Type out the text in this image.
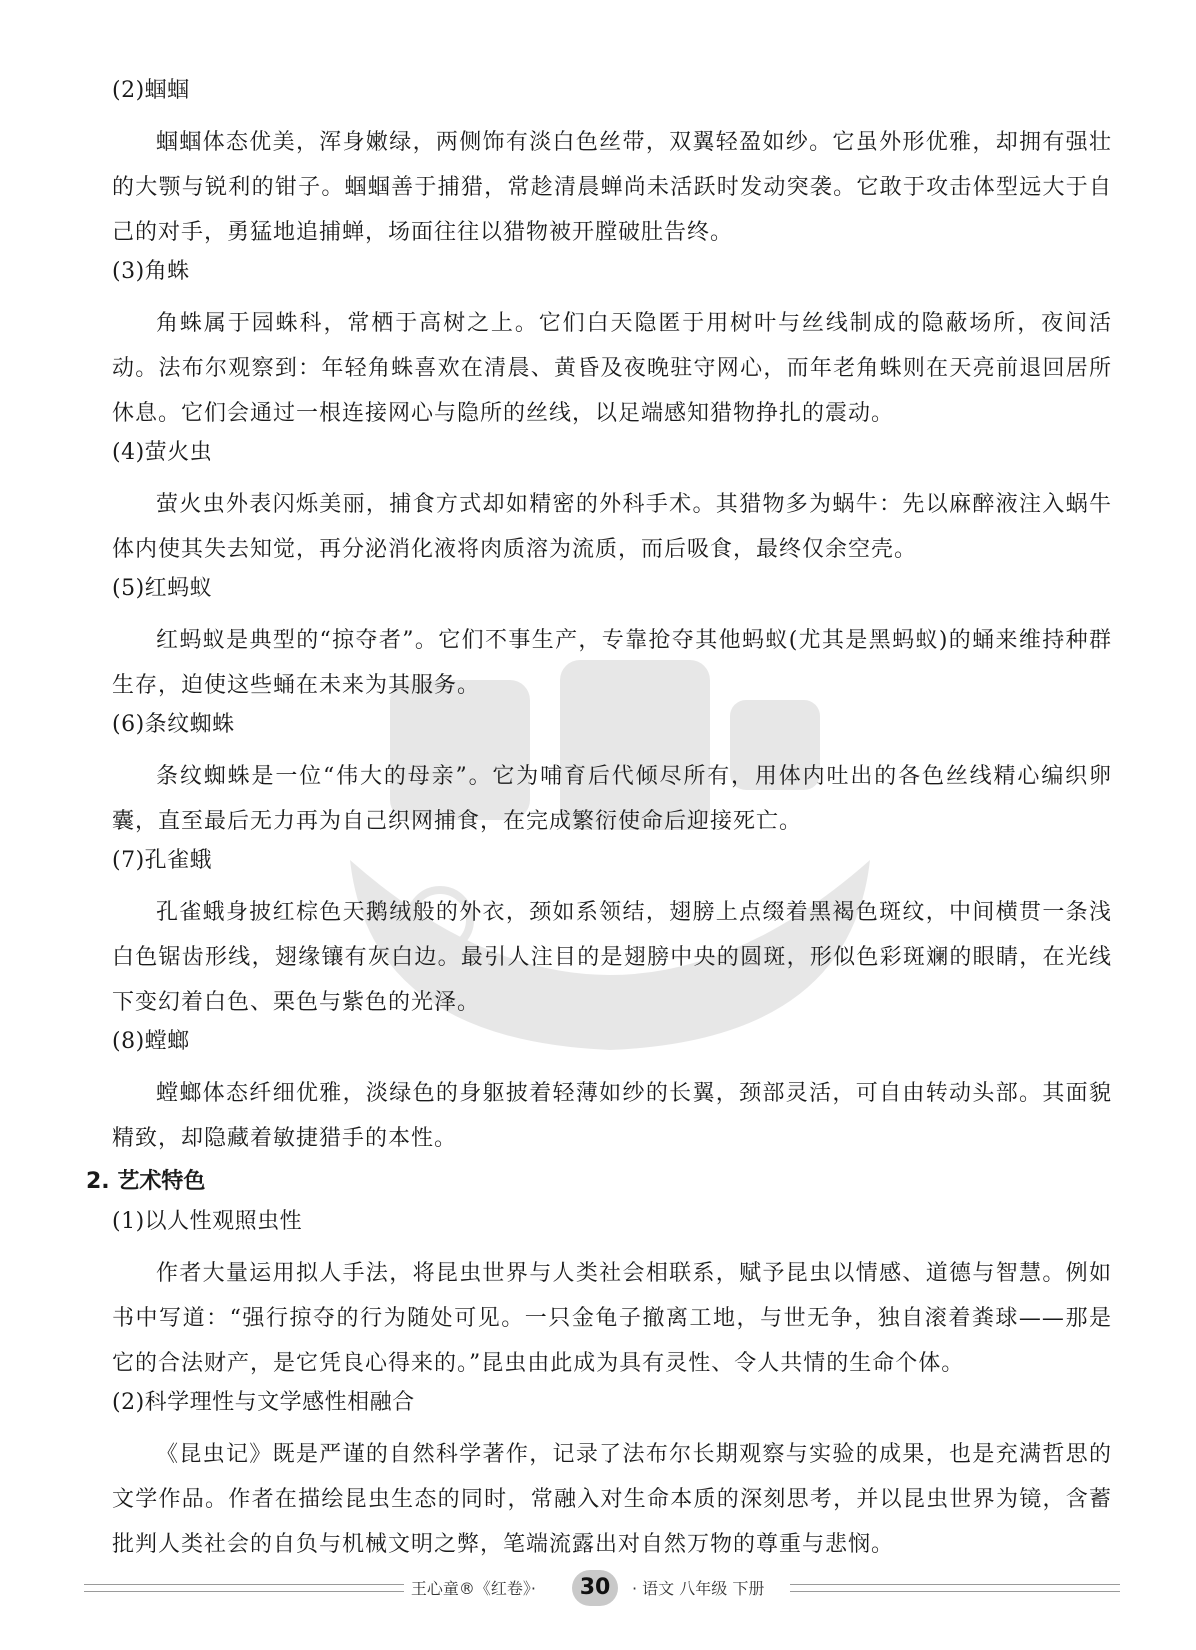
(2)蝈蝈

蝈蝈体态优美，浑身嫩绿，两侧饰有淡白色丝带，双翼轻盈如纱。它虽外形优雅，却拥有强壮的大颚与锐利的钳子。蝈蝈善于捕猎，常趁清晨蝉尚未活跃时发动突袭。它敢于攻击体型远大于自己的对手，勇猛地追捕蝉，场面往往以猎物被开膛破肚告终。

(3)角蛛

角蛛属于园蛛科，常栖于高树之上。它们白天隐匿于用树叶与丝线制成的隐蔽场所，夜间活动。法布尔观察到：年轻角蛛喜欢在清晨、黄昏及夜晚驻守网心，而年老角蛛则在天亮前退回居所休息。它们会通过一根连接网心与隐所的丝线，以足端感知猎物挣扎的震动。

(4)萤火虫

萤火虫外表闪烁美丽，捕食方式却如精密的外科手术。其猎物多为蜗牛：先以麻醉液注入蜗牛体内使其失去知觉，再分泌消化液将肉质溶为流质，而后吸食，最终仅余空壳。

(5)红蚂蚁

红蚂蚁是典型的“掠夺者”。它们不事生产，专靠抢夺其他蚂蚁(尤其是黑蚂蚁)的蛹来维持种群生存，迫使这些蛹在未来为其服务。

(6)条纹蜘蛛

条纹蜘蛛是一位“伟大的母亲”。它为哺育后代倾尽所有，用体内吐出的各色丝线精心编织卵囊，直至最后无力再为自己织网捕食，在完成繁衍使命后迎接死亡。

(7)孔雀蛾

孔雀蛾身披红棕色天鹅绒般的外衣，颈如系领结，翅膀上点缀着黑褐色斑纹，中间横贯一条浅白色锯齿形线，翅缘镶有灰白边。最引人注目的是翅膀中央的圆斑，形似色彩斑斓的眼睛，在光线下变幻着白色、栗色与紫色的光泽。

(8)螳螂

螳螂体态纤细优雅，淡绿色的身躯披着轻薄如纱的长翼，颈部灵活，可自由转动头部。其面貌精致，却隐藏着敏捷猎手的本性。

2. 艺术特色

(1)以人性观照虫性

作者大量运用拟人手法，将昆虫世界与人类社会相联系，赋予昆虫以情感、道德与智慧。例如书中写道：“强行掠夺的行为随处可见。一只金龟子撤离工地，与世无争，独自滚着粪球——那是它的合法财产，是它凭良心得来的。”昆虫由此成为具有灵性、令人共情的生命个体。

(2)科学理性与文学感性相融合

《昆虫记》既是严谨的自然科学著作，记录了法布尔长期观察与实验的成果，也是充满哲思的文学作品。作者在描绘昆虫生态的同时，常融入对生命本质的深刻思考，并以昆虫世界为镜，含蓄批判人类社会的自负与机械文明之弊，笔端流露出对自然万物的尊重与悲悯。

王心童®《红卷》·	30	· 语文 八年级 下册
